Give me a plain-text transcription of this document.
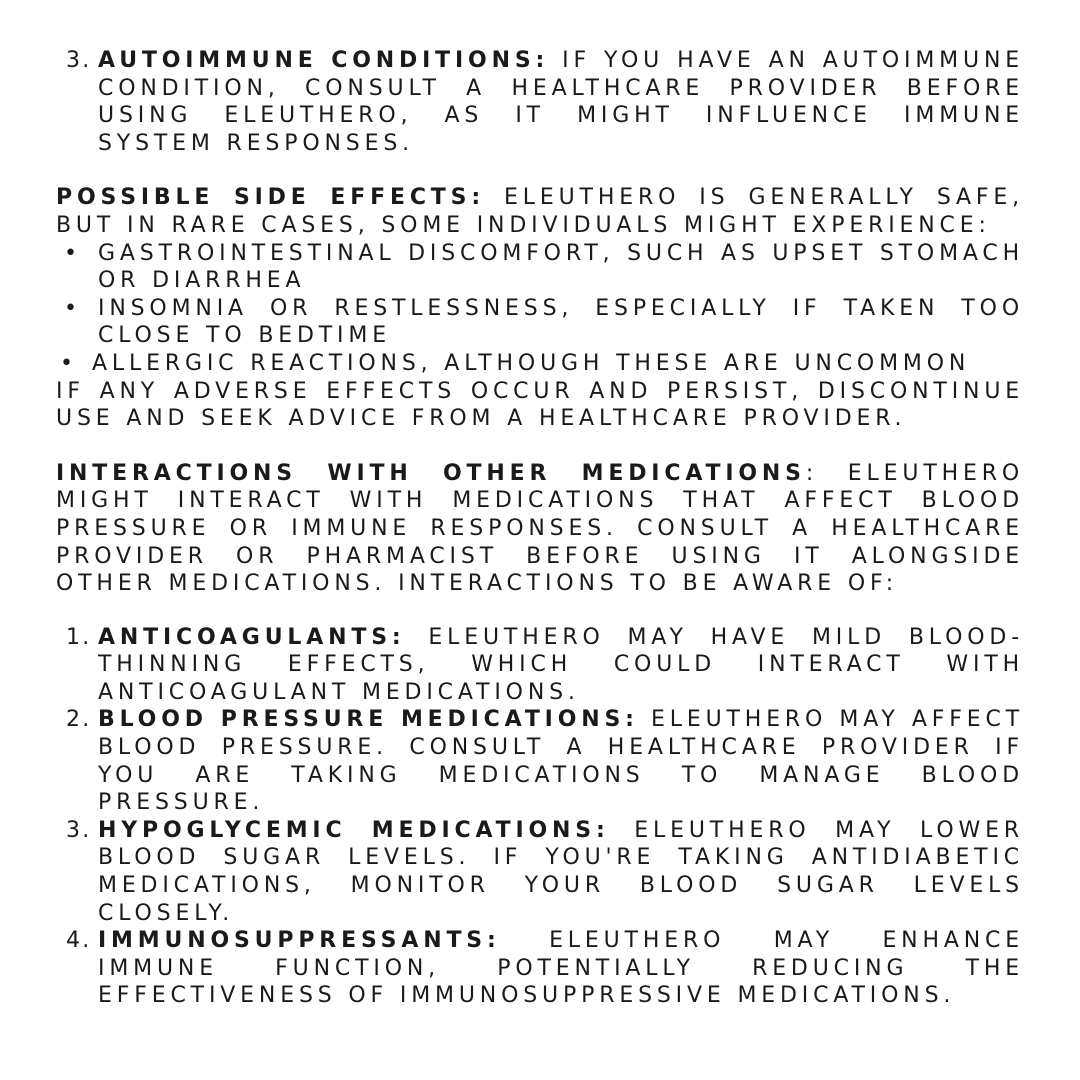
3. AUTOIMMUNE CONDITIONS: IF YOU HAVE AN AUTOIMMUNE CONDITION, CONSULT A HEALTHCARE PROVIDER BEFORE USING ELEUTHERO, AS IT MIGHT INFLUENCE IMMUNE SYSTEM RESPONSES.
POSSIBLE SIDE EFFECTS: ELEUTHERO IS GENERALLY SAFE, BUT IN RARE CASES, SOME INDIVIDUALS MIGHT EXPERIENCE:
• GASTROINTESTINAL DISCOMFORT, SUCH AS UPSET STOMACH OR DIARRHEA
• INSOMNIA OR RESTLESSNESS, ESPECIALLY IF TAKEN TOO CLOSE TO BEDTIME
• ALLERGIC REACTIONS, ALTHOUGH THESE ARE UNCOMMON
IF ANY ADVERSE EFFECTS OCCUR AND PERSIST, DISCONTINUE USE AND SEEK ADVICE FROM A HEALTHCARE PROVIDER.
INTERACTIONS WITH OTHER MEDICATIONS: ELEUTHERO MIGHT INTERACT WITH MEDICATIONS THAT AFFECT BLOOD PRESSURE OR IMMUNE RESPONSES. CONSULT A HEALTHCARE PROVIDER OR PHARMACIST BEFORE USING IT ALONGSIDE OTHER MEDICATIONS. INTERACTIONS TO BE AWARE OF:
1. ANTICOAGULANTS: ELEUTHERO MAY HAVE MILD BLOOD-THINNING EFFECTS, WHICH COULD INTERACT WITH ANTICOAGULANT MEDICATIONS.
2. BLOOD PRESSURE MEDICATIONS: ELEUTHERO MAY AFFECT BLOOD PRESSURE. CONSULT A HEALTHCARE PROVIDER IF YOU ARE TAKING MEDICATIONS TO MANAGE BLOOD PRESSURE.
3. HYPOGLYCEMIC MEDICATIONS: ELEUTHERO MAY LOWER BLOOD SUGAR LEVELS. IF YOU'RE TAKING ANTIDIABETIC MEDICATIONS, MONITOR YOUR BLOOD SUGAR LEVELS CLOSELY.
4. IMMUNOSUPPRESSANTS: ELEUTHERO MAY ENHANCE IMMUNE FUNCTION, POTENTIALLY REDUCING THE EFFECTIVENESS OF IMMUNOSUPPRESSIVE MEDICATIONS.
